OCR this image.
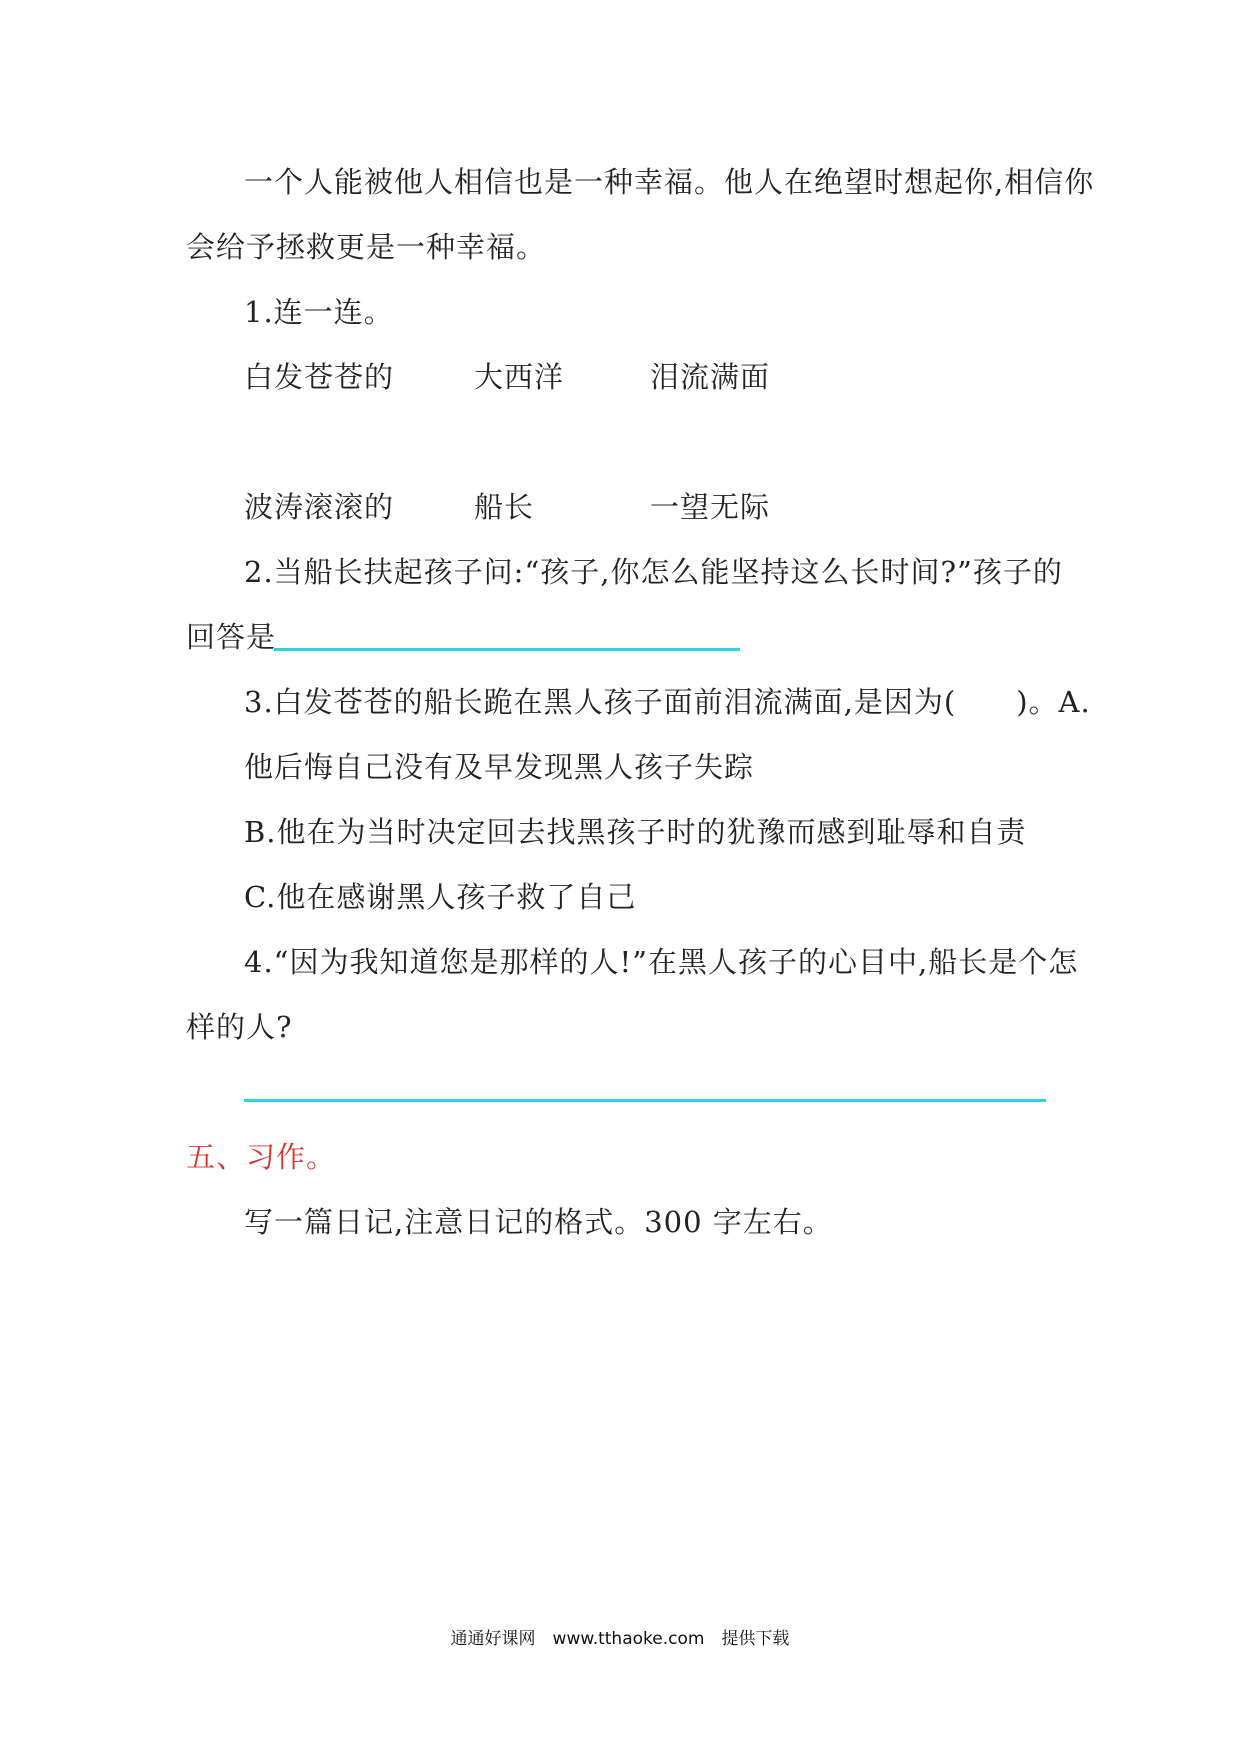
一个人能被他人相信也是一种幸福。他人在绝望时想起你,相信你
会给予拯救更是一种幸福。
1.连一连。
白发苍苍的	大西洋	泪流满面
波涛滚滚的	船长	一望无际
2.当船长扶起孩子问:“孩子,你怎么能坚持这么长时间?”孩子的
回答是
3.白发苍苍的船长跪在黑人孩子面前泪流满面,是因为(　　)。A.
他后悔自己没有及早发现黑人孩子失踪
B.他在为当时决定回去找黑孩子时的犹豫而感到耻辱和自责
C.他在感谢黑人孩子救了自己
4.“因为我知道您是那样的人!”在黑人孩子的心目中,船长是个怎
样的人?
五、习作。
写一篇日记,注意日记的格式。300 字左右。
通通好课网　www.tthaoke.com　提供下载
